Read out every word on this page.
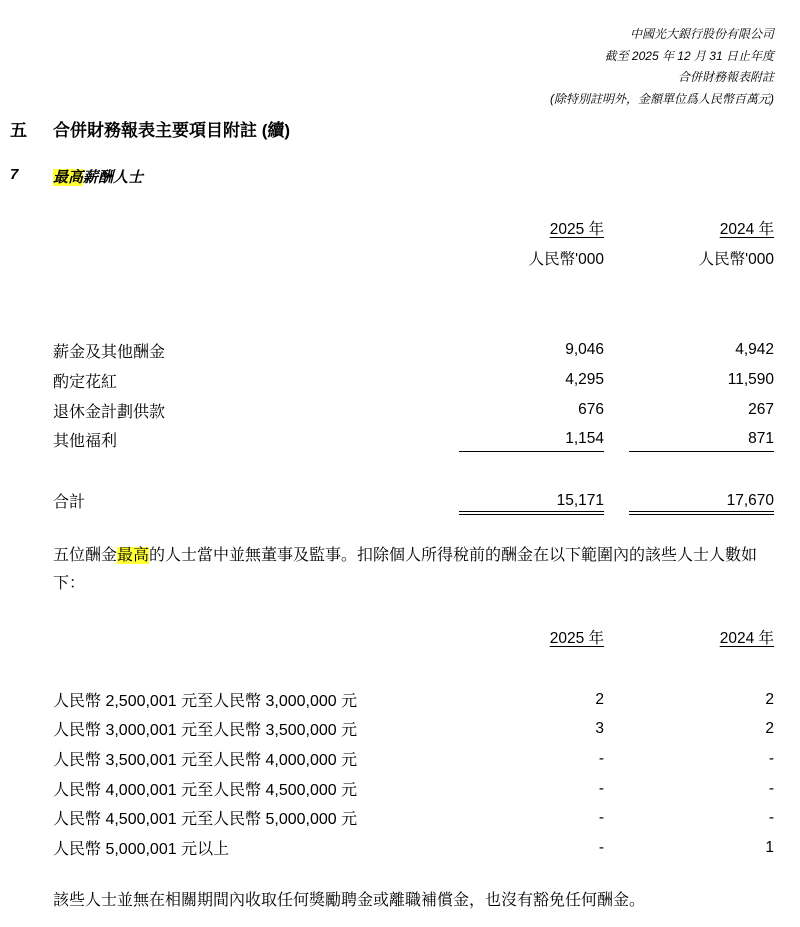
中國光大銀行股份有限公司
截至 2025 年 12 月 31 日止年度
合併財務報表附註
(除特別註明外，金額單位爲人民幣百萬元)
五 合併財務報表主要項目附註 (續)
7 最高薪酬人士
2025 年	2024 年
人民幣'000	人民幣'000
薪金及其他酬金	9,046	4,942
酌定花紅	4,295	11,590
退休金計劃供款	676	267
其他福利	1,154	871
合計	15,171	17,670
五位酬金最高的人士當中並無董事及監事。扣除個人所得稅前的酬金在以下範圍內的該些人士人數如下：
2025 年	2024 年
人民幣 2,500,001 元至人民幣 3,000,000 元	2	2
人民幣 3,000,001 元至人民幣 3,500,000 元	3	2
人民幣 3,500,001 元至人民幣 4,000,000 元	-	-
人民幣 4,000,001 元至人民幣 4,500,000 元	-	-
人民幣 4,500,001 元至人民幣 5,000,000 元	-	-
人民幣 5,000,001 元以上	-	1
該些人士並無在相關期間內收取任何獎勵聘金或離職補償金，也沒有豁免任何酬金。
